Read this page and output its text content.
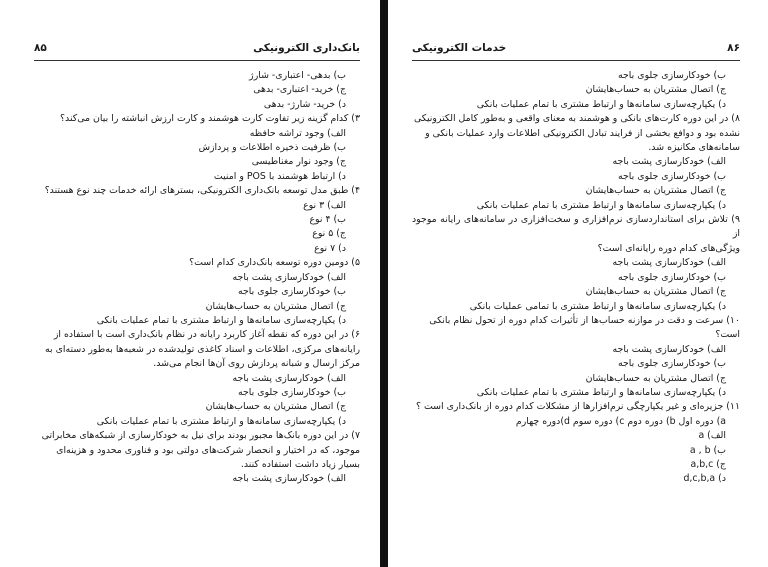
بانک‌داری الکترونیکی
۸۵
ب) بدهی- اعتباری- شارژ
ج) خرید- اعتباری- بدهی
د) خرید- شارژ- بدهی
۳) کدام گزینه زیر تفاوت کارت هوشمند و کارت ارزش انباشته را بیان می‌کند؟
الف) وجود تراشه حافظه
ب) ظرفیت ذخیره اطلاعات و پردازش
ج) وجود نوار مغناطیسی
د) ارتباط هوشمند با POS و امنیت
۴) طبق مدل توسعه بانک‌داری الکترونیکی، بسترهای ارائه خدمات چند نوع هستند؟
الف) ۳ نوع
ب) ۴ نوع
ج) ۵ نوع
د) ۷ نوع
۵) دومین دوره توسعه بانک‌داری کدام است؟
الف) خودکارسازی پشت باجه
ب) خودکارسازی جلوی باجه
ج) اتصال مشتریان به حساب‌هایشان
د) یکپارچه‌سازی سامانه‌ها و ارتباط مشتری با تمام عملیات بانکی
۶) در این دوره که نقطه آغاز کاربرد رایانه در نظام بانک‌داری است با استفاده از
رایانه‌های مرکزی، اطلاعات و اسناد کاغذی تولیدشده در شعبه‌ها به‌طور دسته‌ای به
مرکز ارسال و شبانه پردازش روی آن‌ها انجام می‌شد.
الف) خودکارسازی پشت باجه
ب) خودکارسازی جلوی باجه
ج) اتصال مشتریان به حساب‌هایشان
د) یکپارچه‌سازی سامانه‌ها و ارتباط مشتری با تمام عملیات بانکی
۷) در این دوره بانک‌ها مجبور بودند برای نیل به خودکارسازی از شبکه‌های مخابراتی
موجود، که در اختیار و انحصار شرکت‌های دولتی بود و فناوری محدود و هزینه‌ای
بسیار زیاد داشت استفاده کنند.
الف) خودکارسازی پشت باجه
۸۶
خدمات الکترونیکی
ب) خودکارسازی جلوی باجه
ج) اتصال مشتریان به حساب‌هایشان
د) یکپارچه‌سازی سامانه‌ها و ارتباط مشتری با تمام عملیات بانکی
۸) در این دوره کارت‌های بانکی و هوشمند به معنای واقعی و به‌طور کامل الکترونیکی
نشده بود و دوافع بخشی از فرایند تبادل الکترونیکی اطلاعات وارد عملیات بانکی و
سامانه‌های مکانیزه شد.
الف) خودکارسازی پشت باجه
ب) خودکارسازی جلوی باجه
ج) اتصال مشتریان به حساب‌هایشان
د) یکپارچه‌سازی سامانه‌ها و ارتباط مشتری با تمام عملیات بانکی
۹) تلاش برای استانداردسازی نرم‌افزاری و سخت‌افزاری در سامانه‌های رایانه موجود از
ویژگی‌های کدام دوره رایانه‌ای است؟
الف) خودکارسازی پشت باجه
ب) خودکارسازی جلوی باجه
ج) اتصال مشتریان به حساب‌هایشان
د) یکپارچه‌سازی سامانه‌ها و ارتباط مشتری با تمامی عملیات بانکی
۱۰) سرعت و دقت در موازنه حساب‌ها از تأثیرات کدام دوره از تحول نظام بانکی
است؟
الف) خودکارسازی پشت باجه
ب) خودکارسازی جلوی باجه
ج) اتصال مشتریان به حساب‌هایشان
د) یکپارچه‌سازی سامانه‌ها و ارتباط مشتری با تمام عملیات بانکی
۱۱) جزیره‌ای و غیر یکپارچگی نرم‌افزارها از مشکلات کدام دوره از بانک‌داری است ؟
a) دوره اول b) دوره دوم c) دوره سوم d)دوره چهارم
الف) a
ب) a , b
ج) a,b,c
د) d,c,b,a
